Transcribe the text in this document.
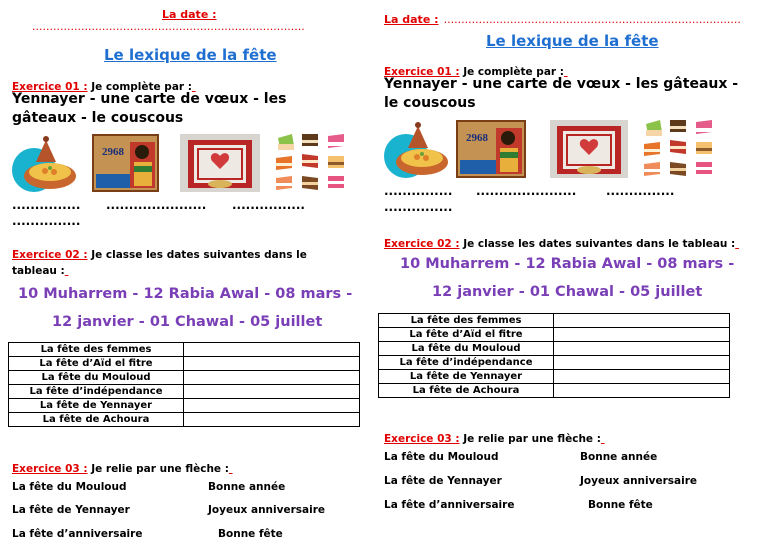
La date :
..............................................................................
Le lexique de la fête
Exercice 01 : Je complète par :
Yennayer - une carte de vœux - les gâteaux - le couscous
2968
............... ...................... ................
...............
Exercice 02 : Je classe les dates suivantes dans le tableau :
10 Muharrem - 12 Rabia Awal - 08 mars -
12 janvier - 01 Chawal - 05 juillet
La fête des femmes	
La fête d’Aïd el fitre	
La fête du Mouloud	
La fête d’indépendance	
La fête de Yennayer	
La fête de Achoura	
Exercice 03 : Je relie par une flèche :
La fête du Mouloud	Bonne année
La fête de Yennayer	Joyeux anniversaire
La fête d’anniversaire	Bonne fête
La date : .....................................................................................
Le lexique de la fête
Exercice 01 : Je complète par :
Yennayer - une carte de vœux - les gâteaux - le couscous
2968
............... ...................... ...............
...............
Exercice 02 : Je classe les dates suivantes dans le tableau :
10 Muharrem - 12 Rabia Awal - 08 mars -
12 janvier - 01 Chawal - 05 juillet
La fête des femmes	
La fête d’Aïd el fitre	
La fête du Mouloud	
La fête d’indépendance	
La fête de Yennayer	
La fête de Achoura	
Exercice 03 : Je relie par une flèche :
La fête du Mouloud	Bonne année
La fête de Yennayer	Joyeux anniversaire
La fête d’anniversaire	Bonne fête
